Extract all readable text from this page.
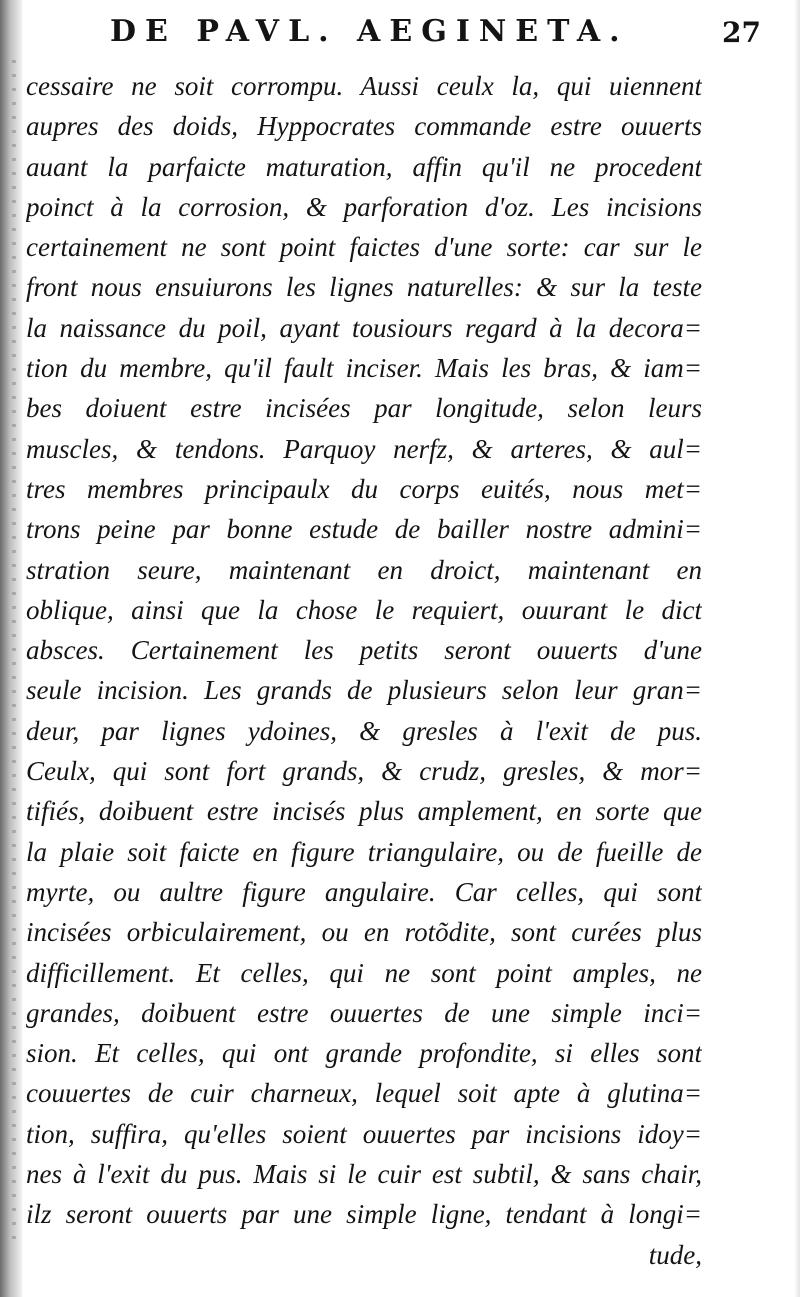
DE PAVL. AEGINETA.	27
cessaire ne soit corrompu. Aussi ceulx la, qui uiennent
aupres des doids, Hyppocrates commande estre ouuerts
auant la parfaicte maturation, affin qu'il ne procedent
poinct à la corrosion, & parforation d'oz. Les incisions
certainement ne sont point faictes d'une sorte: car sur le
front nous ensuiurons les lignes naturelles: & sur la teste
la naissance du poil, ayant tousiours regard à la decora=
tion du membre, qu'il fault inciser. Mais les bras, & iam=
bes doiuent estre incisées par longitude, selon leurs
muscles, & tendons. Parquoy nerfz, & arteres, & aul=
tres membres principaulx du corps euités, nous met=
trons peine par bonne estude de bailler nostre admini=
stration seure, maintenant en droict, maintenant en
oblique, ainsi que la chose le requiert, ouurant le dict
absces. Certainement les petits seront ouuerts d'une
seule incision. Les grands de plusieurs selon leur gran=
deur, par lignes ydoines, & gresles à l'exit de pus.
Ceulx, qui sont fort grands, & crudz, gresles, & mor=
tifiés, doibuent estre incisés plus amplement, en sorte que
la plaie soit faicte en figure triangulaire, ou de fueille de
myrte, ou aultre figure angulaire. Car celles, qui sont
incisées orbiculairement, ou en rotõdite, sont curées plus
difficillement. Et celles, qui ne sont point amples, ne
grandes, doibuent estre ouuertes de une simple inci=
sion. Et celles, qui ont grande profondite, si elles sont
couuertes de cuir charneux, lequel soit apte à glutina=
tion, suffira, qu'elles soient ouuertes par incisions idoy=
nes à l'exit du pus. Mais si le cuir est subtil, & sans chair,
ilz seront ouuerts par une simple ligne, tendant à longi=
tude,
